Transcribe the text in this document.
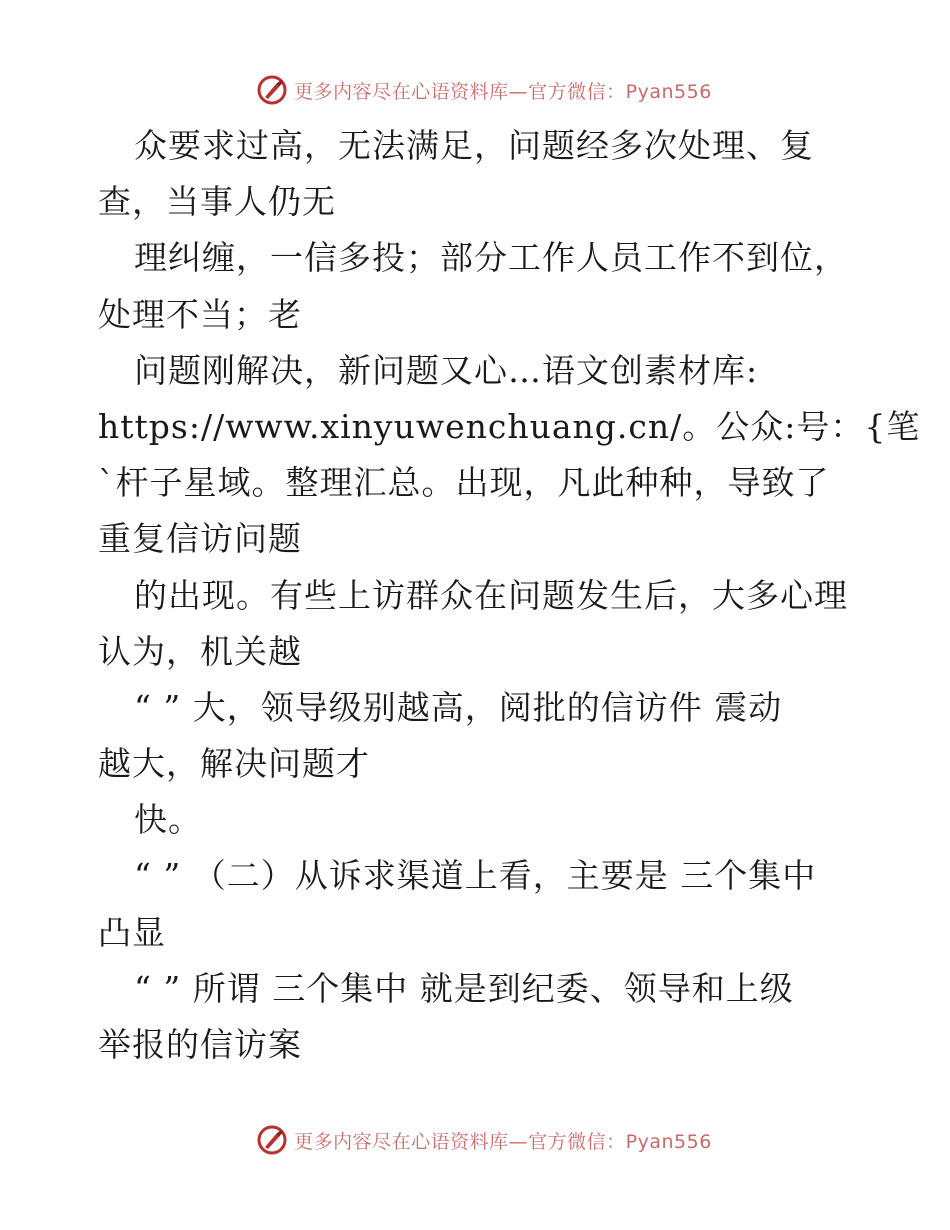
更多内容尽在心语资料库—官方微信：Pyan556
众要求过高，无法满足，问题经多次处理、复
查，当事人仍无
理纠缠，一信多投；部分工作人员工作不到位，
处理不当；老
问题刚解决，新问题又心…语文创素材库:
https://www.xinyuwenchuang.cn/。公众:号：{笔
`杆子星域。整理汇总。出现，凡此种种，导致了
重复信访问题
的出现。有些上访群众在问题发生后，大多心理
认为，机关越
“ ” 大，领导级别越高，阅批的信访件 震动
越大，解决问题才
快。
“ ” （二）从诉求渠道上看，主要是 三个集中
凸显
“ ” 所谓 三个集中 就是到纪委、领导和上级
举报的信访案
更多内容尽在心语资料库—官方微信：Pyan556
